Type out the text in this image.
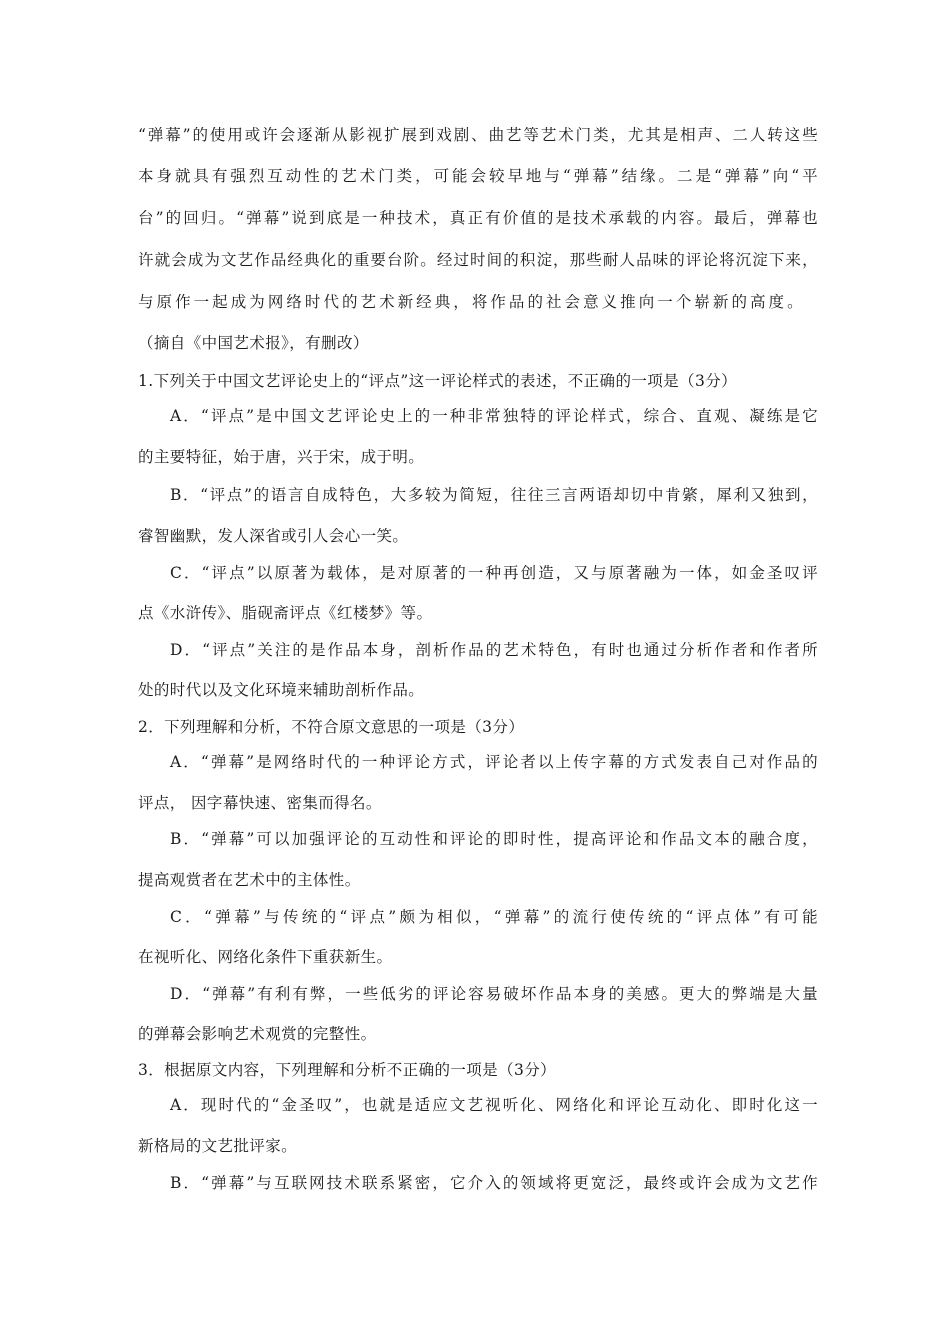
“弹幕”的使用或许会逐渐从影视扩展到戏剧、曲艺等艺术门类，尤其是相声、二人转这些
本身就具有强烈互动性的艺术门类，可能会较早地与“弹幕”结缘。二是“弹幕”向“平
台”的回归。“弹幕”说到底是一种技术，真正有价值的是技术承载的内容。最后，弹幕也
许就会成为文艺作品经典化的重要台阶。经过时间的积淀，那些耐人品味的评论将沉淀下来，
与原作一起成为网络时代的艺术新经典，将作品的社会意义推向一个崭新的高度。
（摘自《中国艺术报》，有删改）
1.下列关于中国文艺评论史上的“评点”这一评论样式的表述，不正确的一项是（3分）
A．“评点”是中国文艺评论史上的一种非常独特的评论样式，综合、直观、凝练是它
的主要特征，始于唐，兴于宋，成于明。
B．“评点”的语言自成特色，大多较为简短，往往三言两语却切中肯綮，犀利又独到，
睿智幽默，发人深省或引人会心一笑。
C．“评点”以原著为载体，是对原著的一种再创造，又与原著融为一体，如金圣叹评
点《水浒传》、脂砚斋评点《红楼梦》等。
D．“评点”关注的是作品本身，剖析作品的艺术特色，有时也通过分析作者和作者所
处的时代以及文化环境来辅助剖析作品。
2．下列理解和分析，不符合原文意思的一项是（3分）
A．“弹幕”是网络时代的一种评论方式，评论者以上传字幕的方式发表自己对作品的
评点， 因字幕快速、密集而得名。
B．“弹幕”可以加强评论的互动性和评论的即时性，提高评论和作品文本的融合度，
提高观赏者在艺术中的主体性。
C．“弹幕”与传统的“评点”颇为相似，“弹幕”的流行使传统的“评点体”有可能
在视听化、网络化条件下重获新生。
D．“弹幕”有利有弊，一些低劣的评论容易破坏作品本身的美感。更大的弊端是大量
的弹幕会影响艺术观赏的完整性。
3．根据原文内容，下列理解和分析不正确的一项是（3分）
A．现时代的“金圣叹”，也就是适应文艺视听化、网络化和评论互动化、即时化这一
新格局的文艺批评家。
B．“弹幕”与互联网技术联系紧密，它介入的领域将更宽泛，最终或许会成为文艺作
